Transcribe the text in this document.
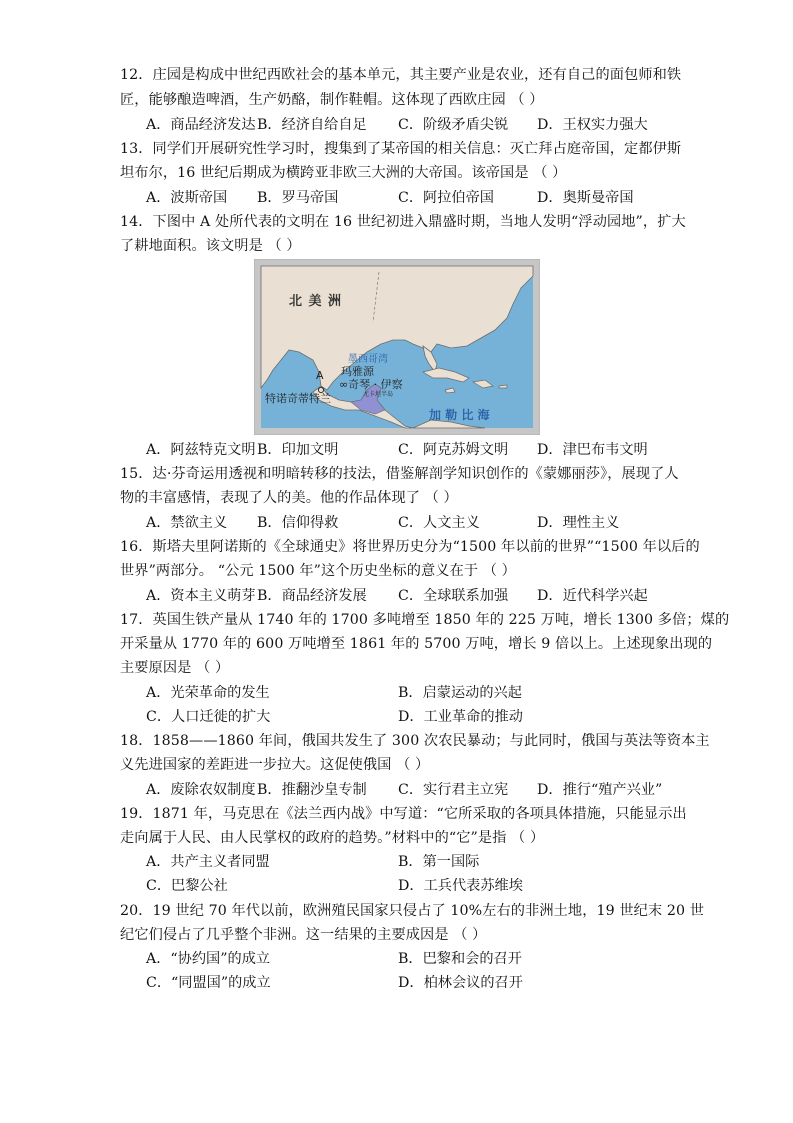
12．庄园是构成中世纪西欧社会的基本单元，其主要产业是农业，还有自己的面包师和铁
匠，能够酿造啤酒，生产奶酪，制作鞋帽。这体现了西欧庄园 （ ）
A．商品经济发达 B．经济自给自足 C．阶级矛盾尖锐 D．王权实力强大
13．同学们开展研究性学习时，搜集到了某帝国的相关信息：灭亡拜占庭帝国，定都伊斯
坦布尔，16 世纪后期成为横跨亚非欧三大洲的大帝国。该帝国是 （ ）
A．波斯帝国 B．罗马帝国	C．阿拉伯帝国	D．奥斯曼帝国
14．下图中 A 处所代表的文明在 16 世纪初进入鼎盛时期，当地人发明“浮动园地”，扩大
了耕地面积。该文明是 （ ）
北 美 洲
墨西哥湾
玛雅源
∞奇琴 · 伊察
尤卡坦半岛
A
特诺奇蒂特兰
加 勒 比 海
A．阿兹特克文明 B．印加文明	C．阿克苏姆文明 D．津巴布韦文明
15．达·芬奇运用透视和明暗转移的技法，借鉴解剖学知识创作的《蒙娜丽莎》，展现了人
物的丰富感情，表现了人的美。他的作品体现了 （ ）
A．禁欲主义 B．信仰得救	C．人文主义	D．理性主义
16．斯塔夫里阿诺斯的《全球通史》将世界历史分为“1500 年以前的世界”“1500 年以后的
世界”两部分。 “公元 1500 年”这个历史坐标的意义在于 （ ）
A．资本主义萌芽 B．商品经济发展 C．全球联系加强 D．近代科学兴起
17．英国生铁产量从 1740 年的 1700 多吨增至 1850 年的 225 万吨，增长 1300 多倍；煤的
开采量从 1770 年的 600 万吨增至 1861 年的 5700 万吨，增长 9 倍以上。上述现象出现的
主要原因是 （ ）
A．光荣革命的发生	B．启蒙运动的兴起
C．人口迁徙的扩大	D．工业革命的推动
18．1858——1860 年间，俄国共发生了 300 次农民暴动；与此同时，俄国与英法等资本主
义先进国家的差距进一步拉大。这促使俄国 （ ）
A．废除农奴制度 B．推翻沙皇专制 C．实行君主立宪 D．推行“殖产兴业”
19．1871 年，马克思在《法兰西内战》中写道：“它所采取的各项具体措施，只能显示出
走向属于人民、由人民掌权的政府的趋势。”材料中的“它”是指 （ ）
A．共产主义者同盟	B．第一国际
C．巴黎公社	D．工兵代表苏维埃
20．19 世纪 70 年代以前，欧洲殖民国家只侵占了 10%左右的非洲土地，19 世纪末 20 世
纪它们侵占了几乎整个非洲。这一结果的主要成因是 （ ）
A．“协约国”的成立	B．巴黎和会的召开
C．“同盟国”的成立	D．柏林会议的召开
